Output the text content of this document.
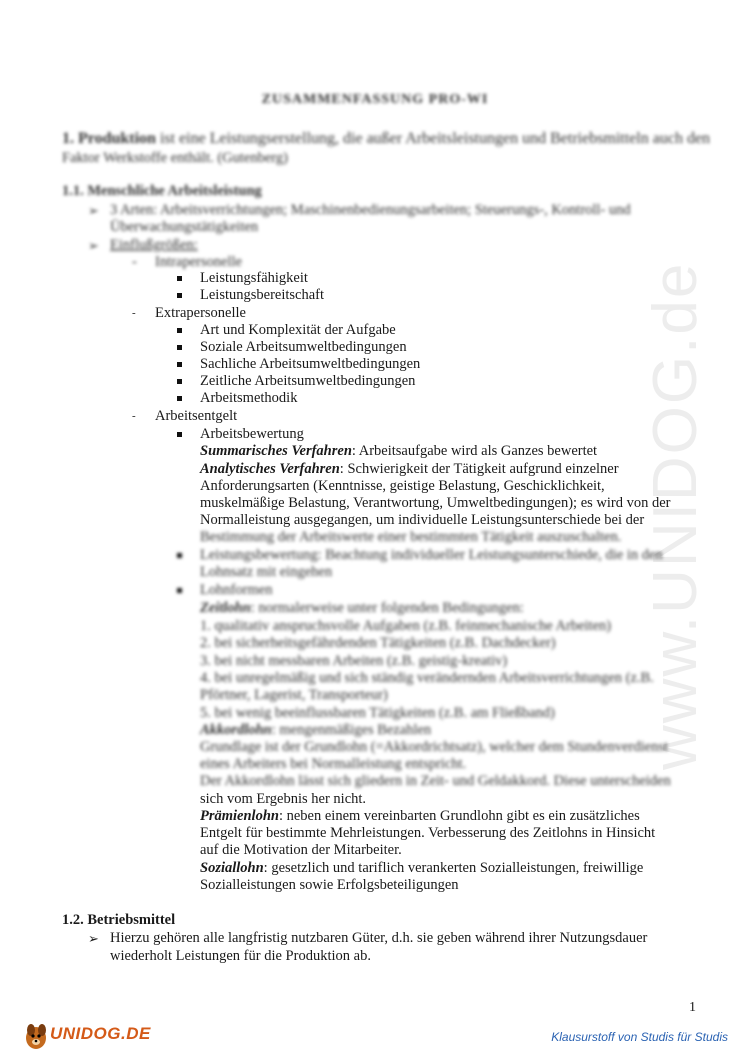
www.UNIDOG.de
ZUSAMMENFASSUNG PRO-WI
1. Produktion ist eine Leistungserstellung, die außer Arbeitsleistungen und Betriebsmitteln auch den
Faktor Werkstoffe enthält. (Gutenberg)
1.1. Menschliche Arbeitsleistung
➢ 3 Arten: Arbeitsverrichtungen; Maschinenbedienungsarbeiten; Steuerungs-, Kontroll- und
Überwachungstätigkeiten
➢ Einflußgrößen:
- Intrapersonelle
Leistungsfähigkeit
Leistungsbereitschaft
- Extrapersonelle
Art und Komplexität der Aufgabe
Soziale Arbeitsumweltbedingungen
Sachliche Arbeitsumweltbedingungen
Zeitliche Arbeitsumweltbedingungen
Arbeitsmethodik
- Arbeitsentgelt
Arbeitsbewertung
Summarisches Verfahren: Arbeitsaufgabe wird als Ganzes bewertet
Analytisches Verfahren: Schwierigkeit der Tätigkeit aufgrund einzelner
Anforderungsarten (Kenntnisse, geistige Belastung, Geschicklichkeit,
muskelmäßige Belastung, Verantwortung, Umweltbedingungen); es wird von der
Normalleistung ausgegangen, um individuelle Leistungsunterschiede bei der
Bestimmung der Arbeitswerte einer bestimmten Tätigkeit auszuschalten.
Leistungsbewertung: Beachtung individueller Leistungsunterschiede, die in den
Lohnsatz mit eingehen
Lohnformen
Zeitlohn: normalerweise unter folgenden Bedingungen:
1. qualitativ anspruchsvolle Aufgaben (z.B. feinmechanische Arbeiten)
2. bei sicherheitsgefährdenden Tätigkeiten (z.B. Dachdecker)
3. bei nicht messbaren Arbeiten (z.B. geistig-kreativ)
4. bei unregelmäßig und sich ständig verändernden Arbeitsverrichtungen (z.B.
Pförtner, Lagerist, Transporteur)
5. bei wenig beeinflussbaren Tätigkeiten (z.B. am Fließband)
Akkordlohn: mengenmäßiges Bezahlen
Grundlage ist der Grundlohn (=Akkordrichtsatz), welcher dem Stundenverdienst
eines Arbeiters bei Normalleistung entspricht.
Der Akkordlohn lässt sich gliedern in Zeit- und Geldakkord. Diese unterscheiden
sich vom Ergebnis her nicht.
Prämienlohn: neben einem vereinbarten Grundlohn gibt es ein zusätzliches
Entgelt für bestimmte Mehrleistungen. Verbesserung des Zeitlohns in Hinsicht
auf die Motivation der Mitarbeiter.
Soziallohn: gesetzlich und tariflich verankerten Sozialleistungen, freiwillige
Sozialleistungen sowie Erfolgsbeteiligungen
1.2. Betriebsmittel
➢ Hierzu gehören alle langfristig nutzbaren Güter, d.h. sie geben während ihrer Nutzungsdauer
wiederholt Leistungen für die Produktion ab.
1
UNIDOG.DE	Klausurstoff von Studis für Studis
